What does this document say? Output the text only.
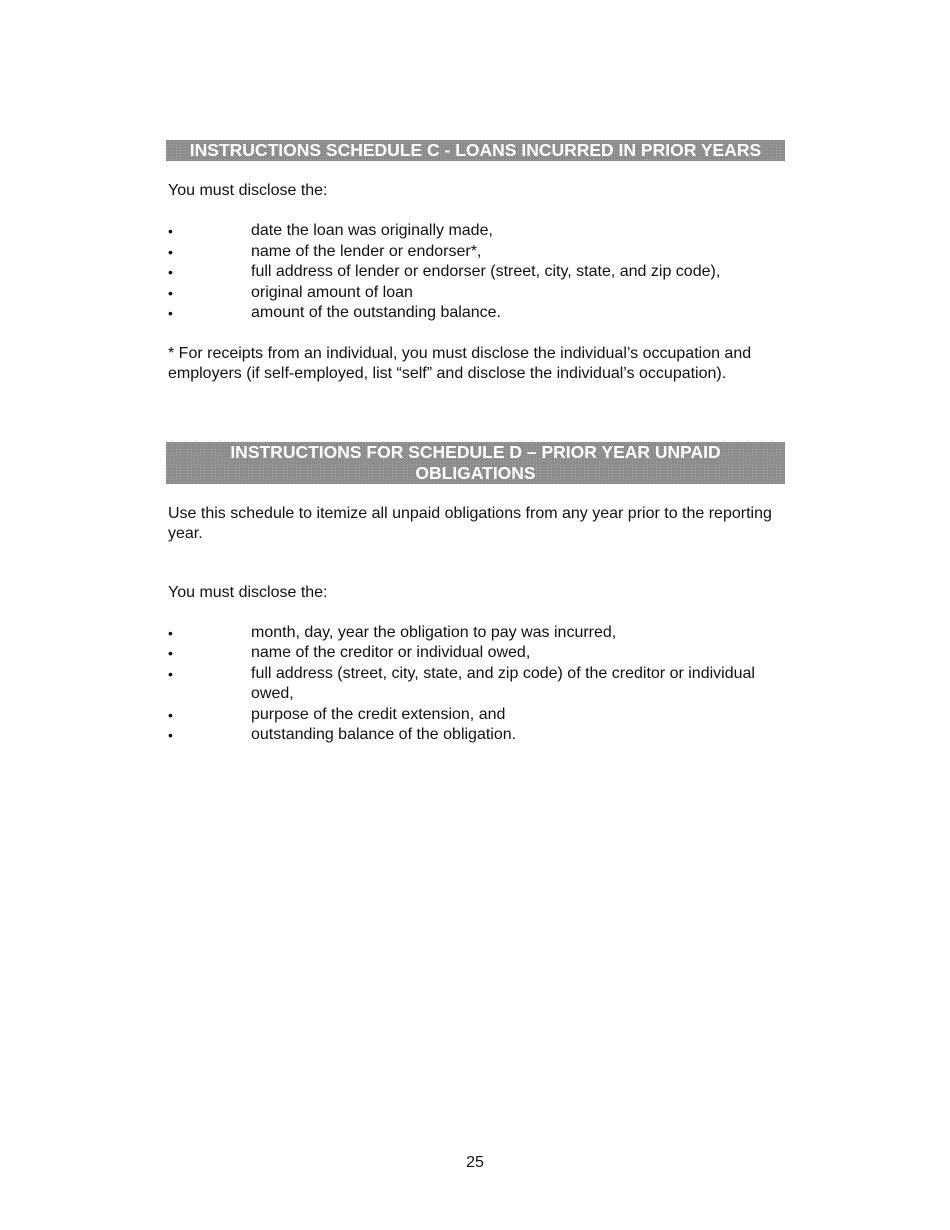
INSTRUCTIONS SCHEDULE C - LOANS INCURRED IN PRIOR YEARS

You must disclose the:

•	date the loan was originally made,
•	name of the lender or endorser*,
•	full address of lender or endorser (street, city, state, and zip code),
•	original amount of loan
•	amount of the outstanding balance.

* For receipts from an individual, you must disclose the individual’s occupation and employers (if self-employed, list “self” and disclose the individual’s occupation).

INSTRUCTIONS FOR SCHEDULE D – PRIOR YEAR UNPAID OBLIGATIONS

Use this schedule to itemize all unpaid obligations from any year prior to the reporting year.

You must disclose the:

•	month, day, year the obligation to pay was incurred,
•	name of the creditor or individual owed,
•	full address (street, city, state, and zip code) of the creditor or individual owed,
•	purpose of the credit extension, and
•	outstanding balance of the obligation.
25
